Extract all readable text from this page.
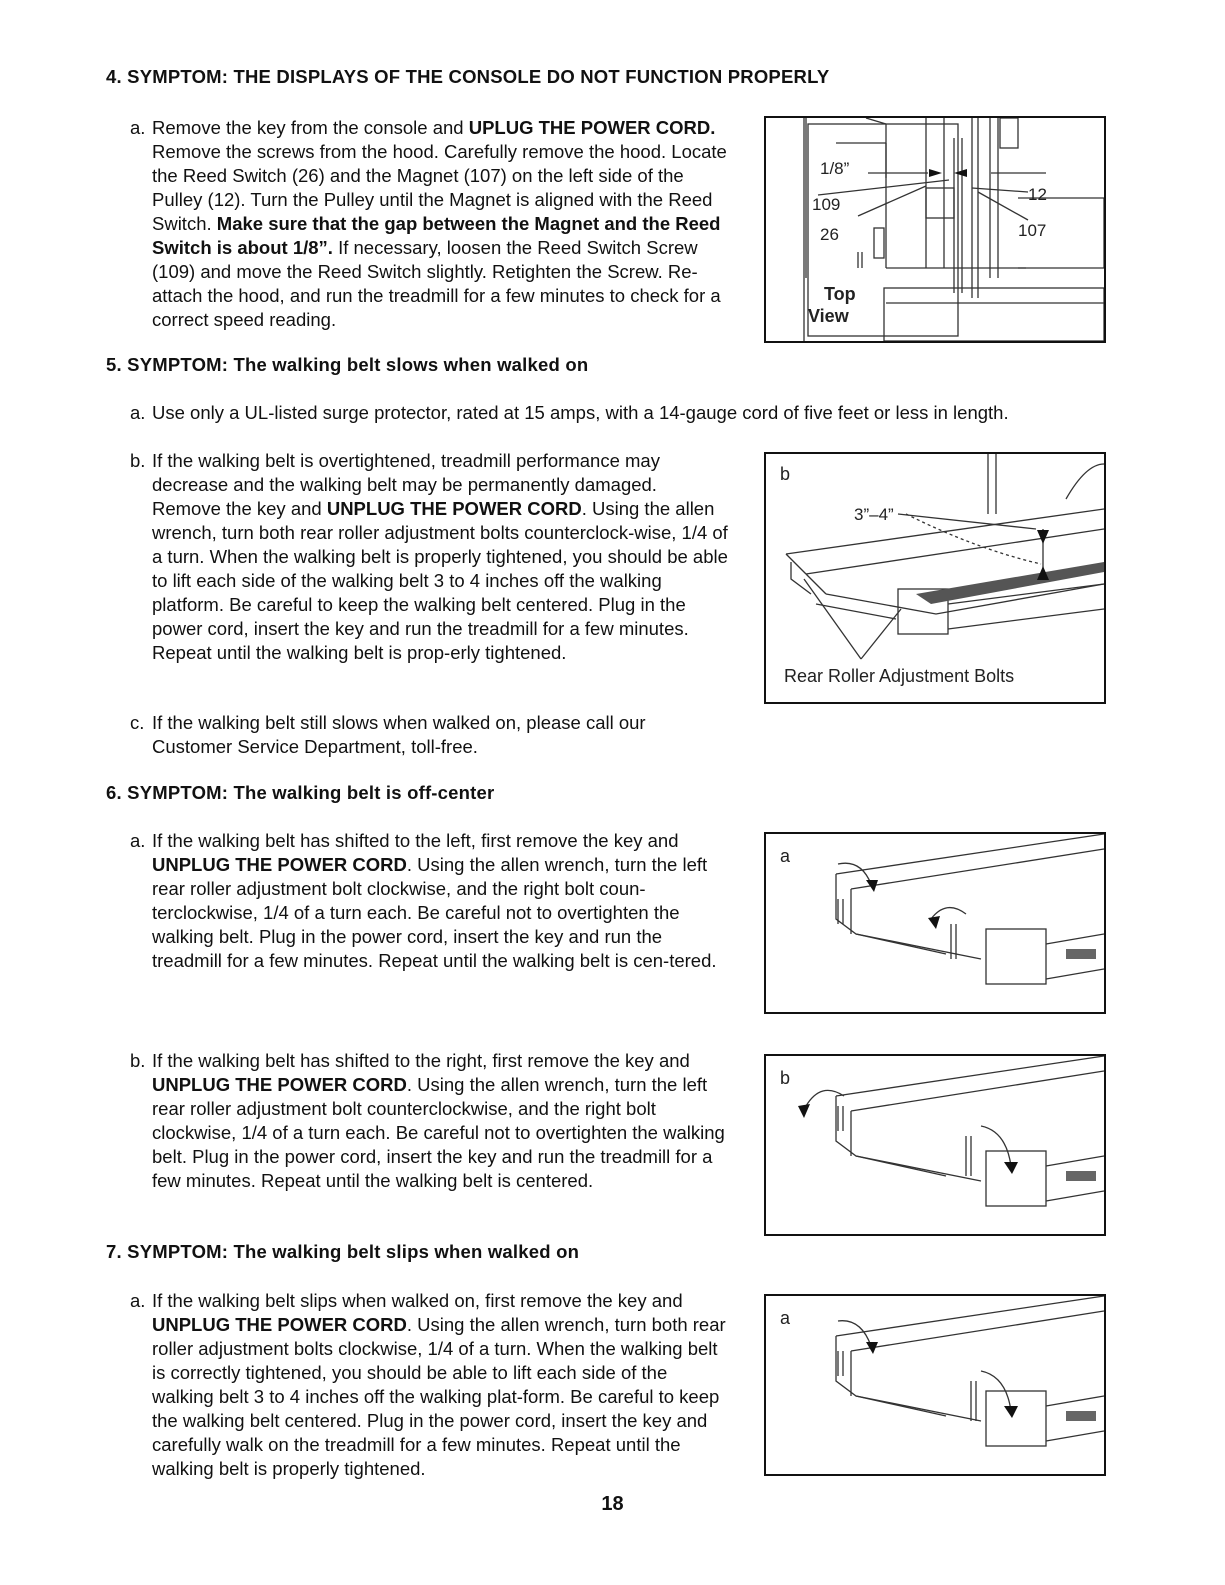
4. SYMPTOM: THE DISPLAYS OF THE CONSOLE DO NOT FUNCTION PROPERLY
a. Remove the key from the console and UPLUG THE POWER CORD. Remove the screws from the hood. Carefully remove the hood. Locate the Reed Switch (26) and the Magnet (107) on the left side of the Pulley (12). Turn the Pulley until the Magnet is aligned with the Reed Switch. Make sure that the gap between the Magnet and the Reed Switch is about 1/8”. If necessary, loosen the Reed Switch Screw (109) and move the Reed Switch slightly. Retighten the Screw. Re-attach the hood, and run the treadmill for a few minutes to check for a correct speed reading.
1/8”
109
26
12
107
Top
View
5. SYMPTOM: The walking belt slows when walked on
a. Use only a UL-listed surge protector, rated at 15 amps, with a 14-gauge cord of five feet or less in length.
b. If the walking belt is overtightened, treadmill performance may decrease and the walking belt may be permanently damaged. Remove the key and UNPLUG THE POWER CORD. Using the allen wrench, turn both rear roller adjustment bolts counterclock-wise, 1/4 of a turn. When the walking belt is properly tightened, you should be able to lift each side of the walking belt 3 to 4 inches off the walking platform. Be careful to keep the walking belt centered. Plug in the power cord, insert the key and run the treadmill for a few minutes. Repeat until the walking belt is prop-erly tightened.
b
3”–4”
Rear Roller Adjustment Bolts
c. If the walking belt still slows when walked on, please call our Customer Service Department, toll-free.
6. SYMPTOM: The walking belt is off-center
a. If the walking belt has shifted to the left, first remove the key and UNPLUG THE POWER CORD. Using the allen wrench, turn the left rear roller adjustment bolt clockwise, and the right bolt coun-terclockwise, 1/4 of a turn each. Be careful not to overtighten the walking belt. Plug in the power cord, insert the key and run the treadmill for a few minutes. Repeat until the walking belt is cen-tered.
a
b. If the walking belt has shifted to the right, first remove the key and UNPLUG THE POWER CORD. Using the allen wrench, turn the left rear roller adjustment bolt counterclockwise, and the right bolt clockwise, 1/4 of a turn each. Be careful not to overtighten the walking belt. Plug in the power cord, insert the key and run the treadmill for a few minutes. Repeat until the walking belt is centered.
b
7. SYMPTOM: The walking belt slips when walked on
a. If the walking belt slips when walked on, first remove the key and UNPLUG THE POWER CORD. Using the allen wrench, turn both rear roller adjustment bolts clockwise, 1/4 of a turn. When the walking belt is correctly tightened, you should be able to lift each side of the walking belt 3 to 4 inches off the walking plat-form. Be careful to keep the walking belt centered. Plug in the power cord, insert the key and carefully walk on the treadmill for a few minutes. Repeat until the walking belt is properly tightened.
a
18
